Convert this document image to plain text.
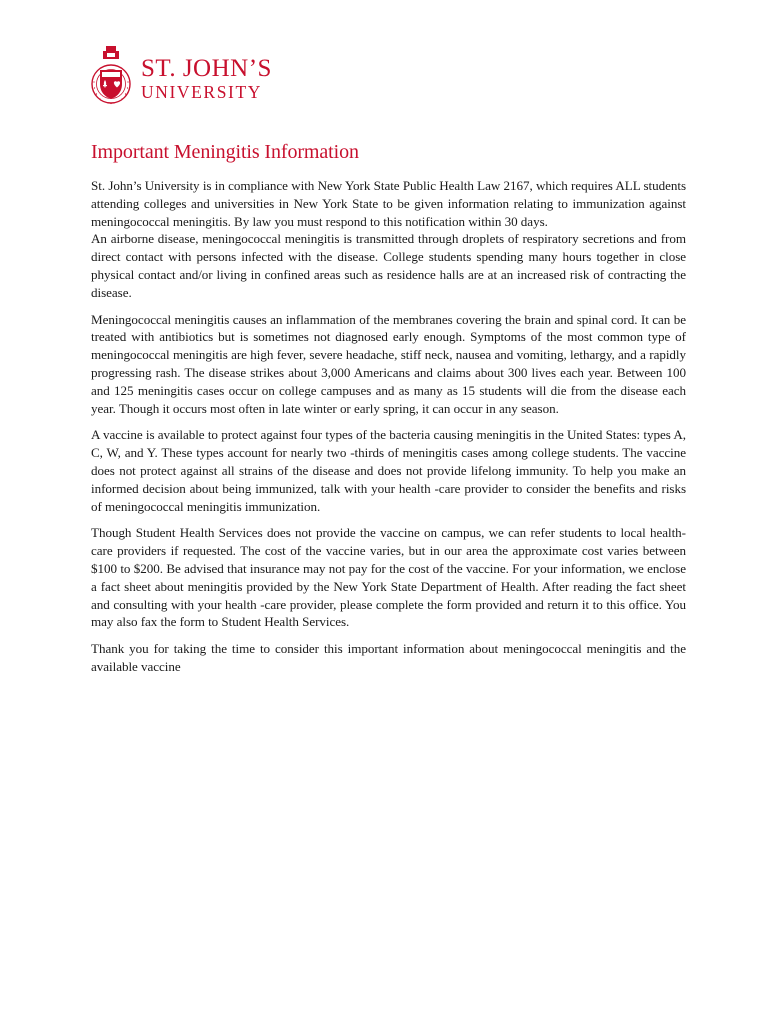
ST. JOHN’S
UNIVERSITY
Important Meningitis Information

St. John’s University is in compliance with New York State Public Health Law 2167, which requires ALL students attending colleges and universities in New York State to be given information relating to immunization against meningococcal meningitis. By law you must respond to this notification within 30 days.

An airborne disease, meningococcal meningitis is transmitted through droplets of respiratory secretions and from direct contact with persons infected with the disease. College students spending many hours together in close physical contact and/or living in confined areas such as residence halls are at an increased risk of contracting the disease.

Meningococcal meningitis causes an inflammation of the membranes covering the brain and spinal cord. It can be treated with antibiotics but is sometimes not diagnosed early enough. Symptoms of the most common type of meningococcal meningitis are high fever, severe headache, stiff neck, nausea and vomiting, lethargy, and a rapidly progressing rash. The disease strikes about 3,000 Americans and claims about 300 lives each year. Between 100 and 125 meningitis cases occur on college campuses and as many as 15 students will die from the disease each year. Though it occurs most often in late winter or early spring, it can occur in any season.

A vaccine is available to protect against four types of the bacteria causing meningitis in the United States: types A, C, W, and Y. These types account for nearly two -thirds of meningitis cases among college students. The vaccine does not protect against all strains of the disease and does not provide lifelong immunity. To help you make an informed decision about being immunized, talk with your health -care provider to consider the benefits and risks of meningococcal meningitis immunization.

Though Student Health Services does not provide the vaccine on campus, we can refer students to local health-care providers if requested. The cost of the vaccine varies, but in our area the approximate cost varies between $100 to $200. Be advised that insurance may not pay for the cost of the vaccine. For your information, we enclose a fact sheet about meningitis provided by the New York State Department of Health. After reading the fact sheet and consulting with your health -care provider, please complete the form provided and return it to this office. You may also fax the form to Student Health Services.

Thank you for taking the time to consider this important information about meningococcal meningitis and the available vaccine
